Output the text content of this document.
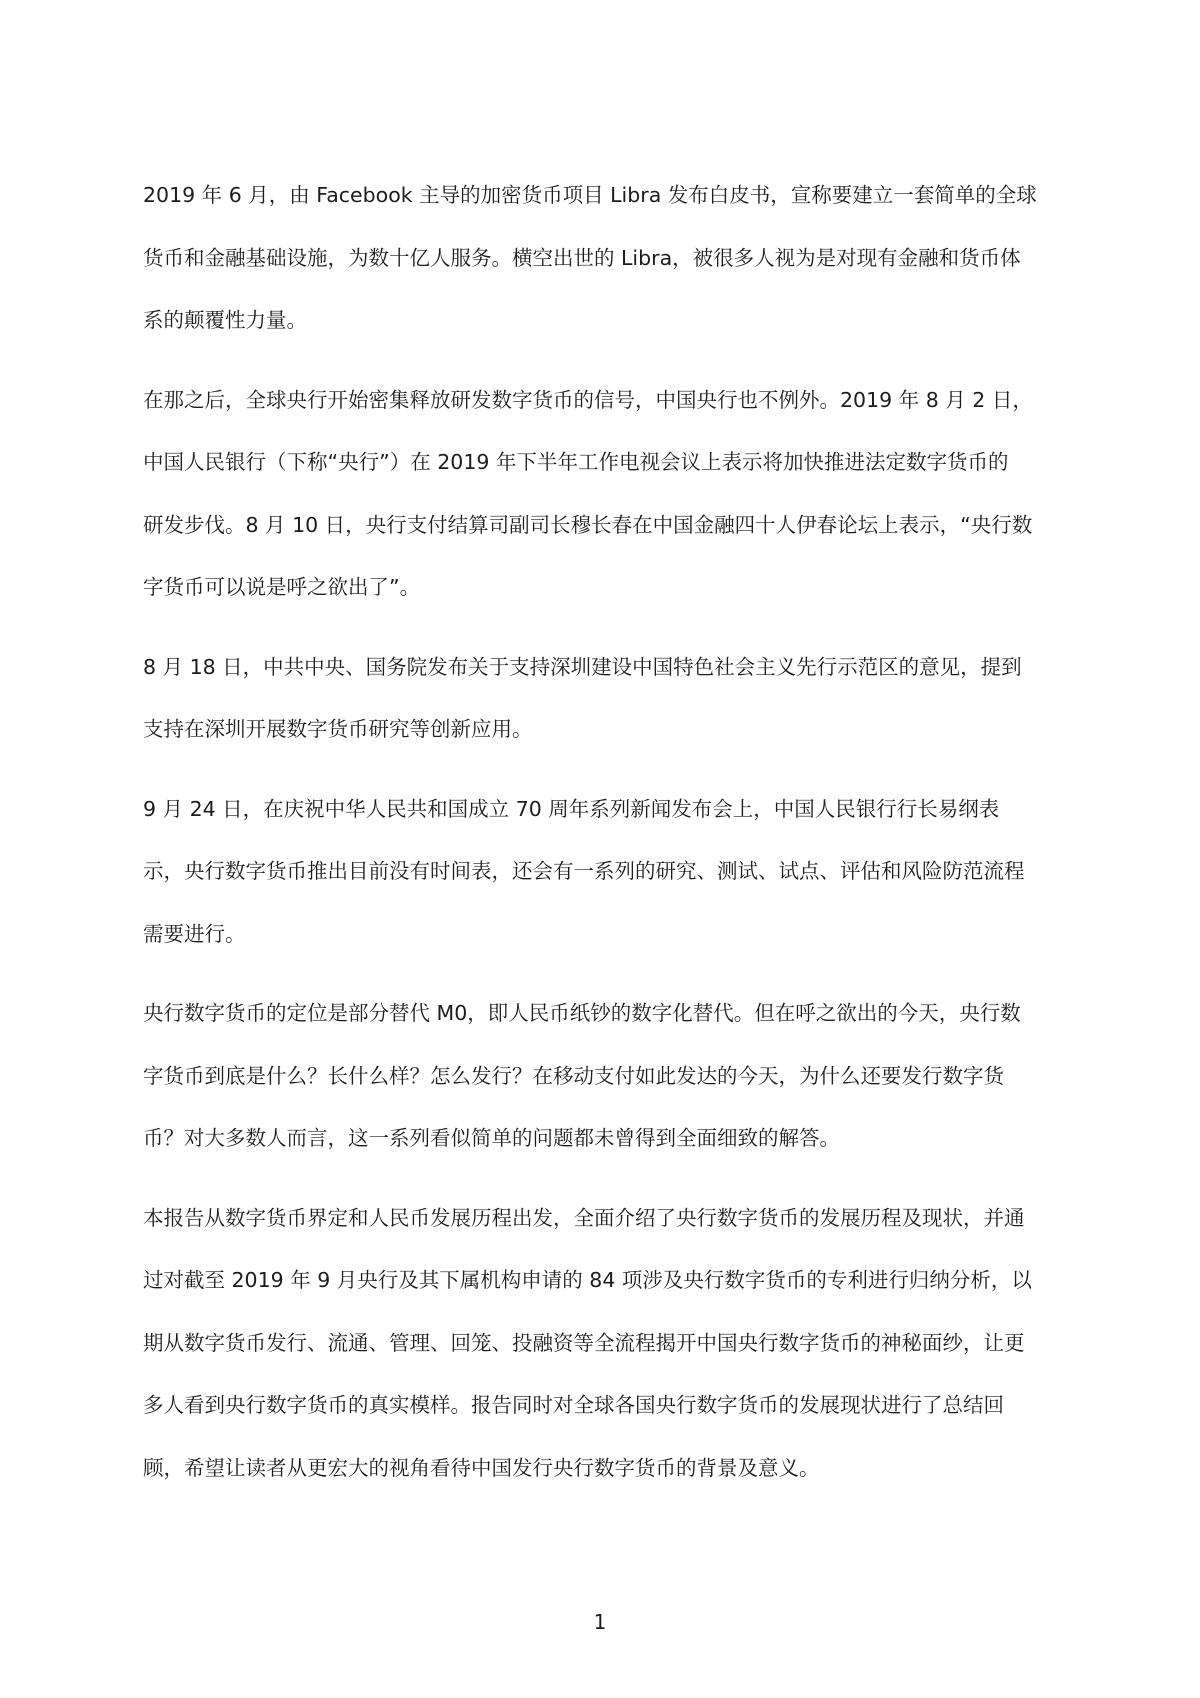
2019 年 6 月，由 Facebook 主导的加密货币项目 Libra 发布白皮书，宣称要建立一套简单的全球
货币和金融基础设施，为数十亿人服务。横空出世的 Libra，被很多人视为是对现有金融和货币体
系的颠覆性力量。
在那之后，全球央行开始密集释放研发数字货币的信号，中国央行也不例外。2019 年 8 月 2 日，
中国人民银行（下称“央行”）在 2019 年下半年工作电视会议上表示将加快推进法定数字货币的
研发步伐。8 月 10 日，央行支付结算司副司长穆长春在中国金融四十人伊春论坛上表示，“央行数
字货币可以说是呼之欲出了”。
8 月 18 日，中共中央、国务院发布关于支持深圳建设中国特色社会主义先行示范区的意见，提到
支持在深圳开展数字货币研究等创新应用。
9 月 24 日，在庆祝中华人民共和国成立 70 周年系列新闻发布会上，中国人民银行行长易纲表
示，央行数字货币推出目前没有时间表，还会有一系列的研究、测试、试点、评估和风险防范流程
需要进行。
央行数字货币的定位是部分替代 M0，即人民币纸钞的数字化替代。但在呼之欲出的今天，央行数
字货币到底是什么？长什么样？怎么发行？在移动支付如此发达的今天，为什么还要发行数字货
币？对大多数人而言，这一系列看似简单的问题都未曾得到全面细致的解答。
本报告从数字货币界定和人民币发展历程出发，全面介绍了央行数字货币的发展历程及现状，并通
过对截至 2019 年 9 月央行及其下属机构申请的 84 项涉及央行数字货币的专利进行归纳分析，以
期从数字货币发行、流通、管理、回笼、投融资等全流程揭开中国央行数字货币的神秘面纱，让更
多人看到央行数字货币的真实模样。报告同时对全球各国央行数字货币的发展现状进行了总结回
顾，希望让读者从更宏大的视角看待中国发行央行数字货币的背景及意义。
1
